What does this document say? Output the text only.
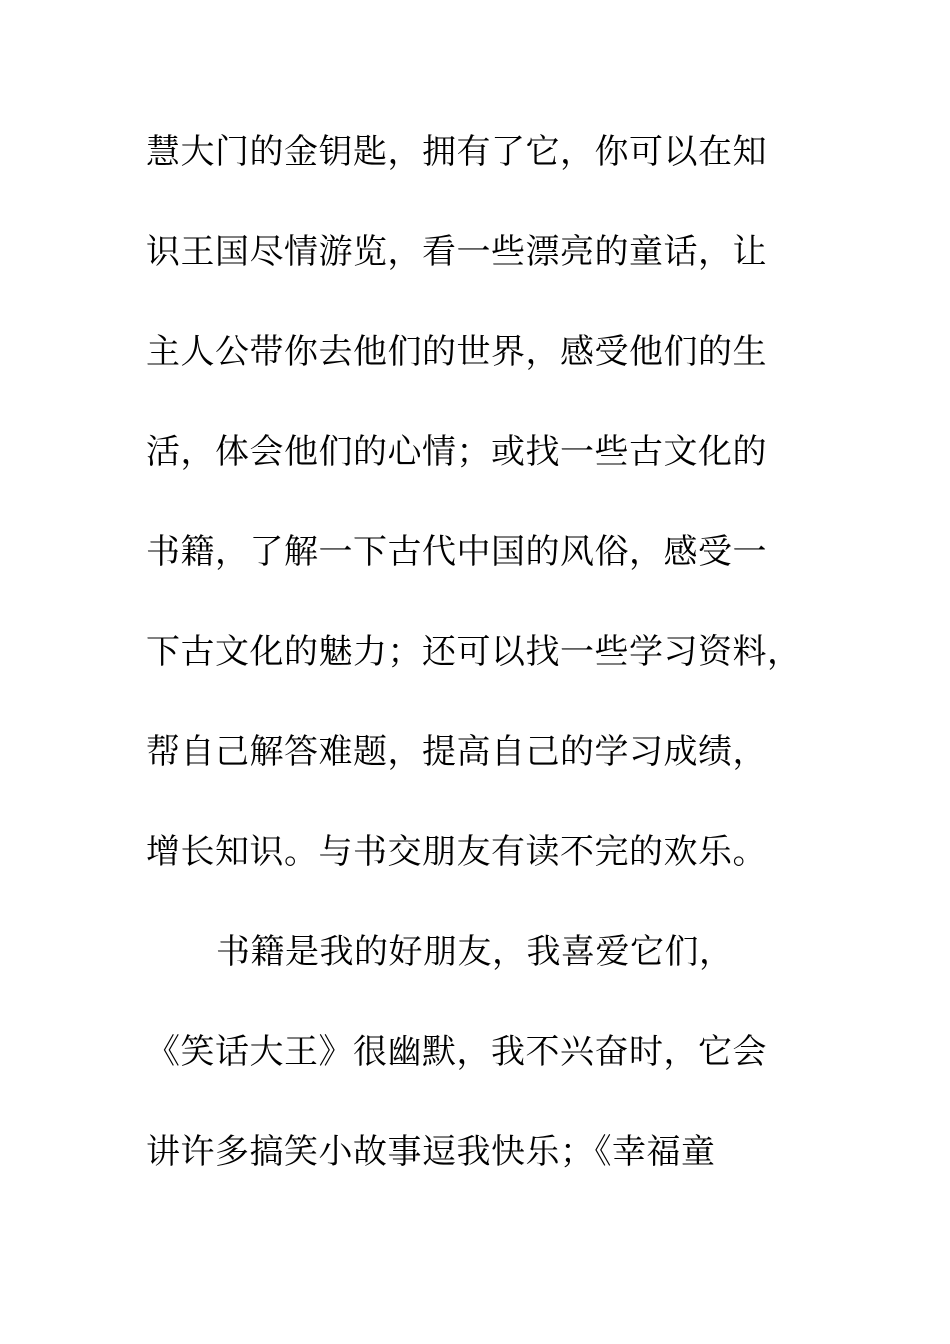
慧大门的金钥匙，拥有了它，你可以在知
识王国尽情游览，看一些漂亮的童话，让
主人公带你去他们的世界，感受他们的生
活，体会他们的心情；或找一些古文化的
书籍，了解一下古代中国的风俗，感受一
下古文化的魅力；还可以找一些学习资料，
帮自己解答难题，提高自己的学习成绩，
增长知识。与书交朋友有读不完的欢乐。
书籍是我的好朋友，我喜爱它们，
《笑话大王》很幽默，我不兴奋时，它会
讲许多搞笑小故事逗我快乐；《幸福童
